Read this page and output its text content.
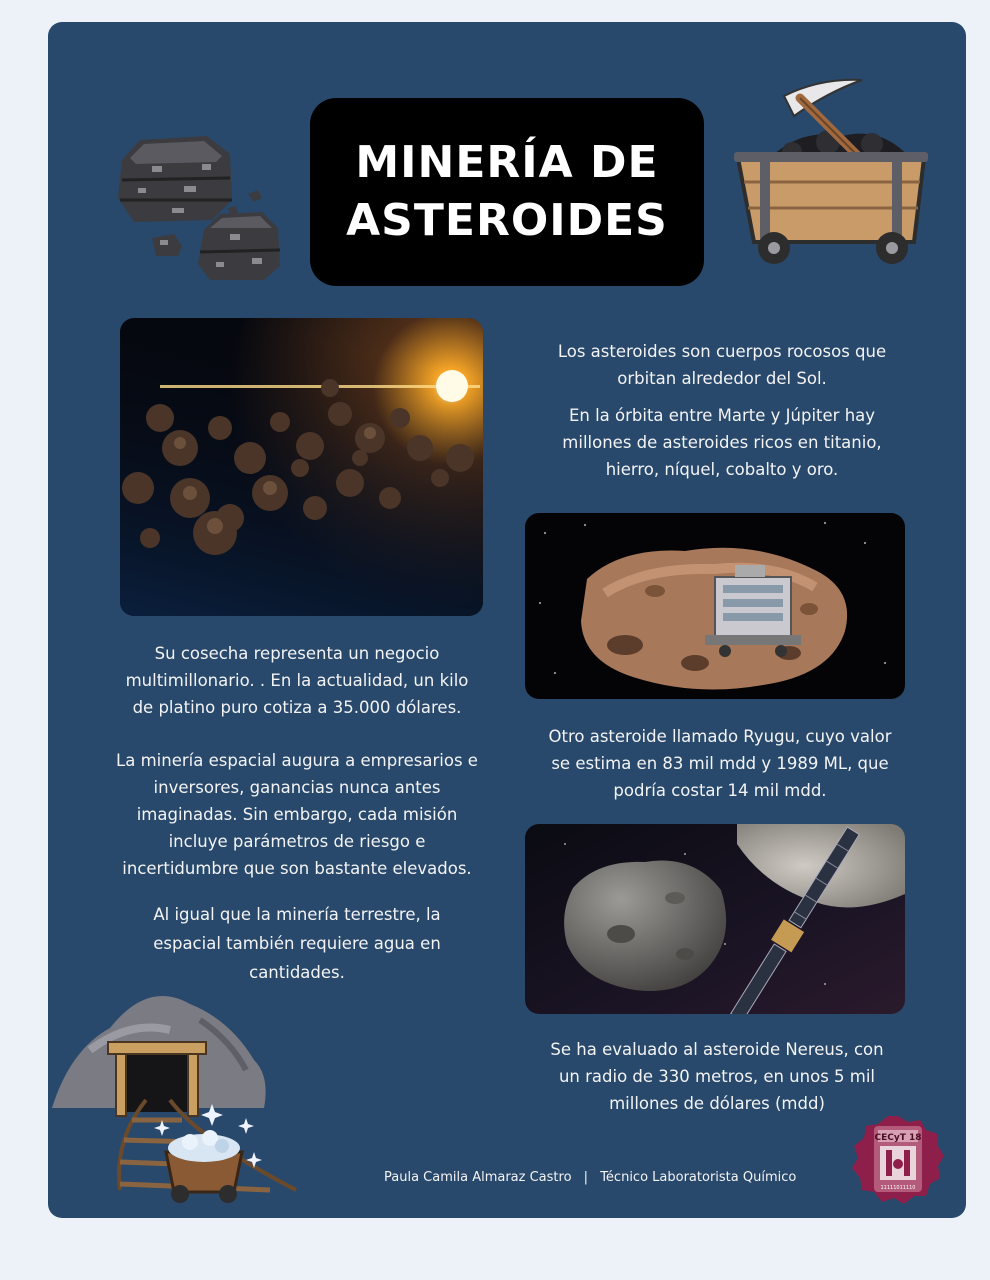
MINERÍA DE
ASTEROIDES

Los asteroides son cuerpos rocosos que orbitan alrededor del Sol.

En la órbita entre Marte y Júpiter hay millones de asteroides ricos en titanio, hierro, níquel, cobalto y oro.

Su cosecha representa un negocio multimillonario. . En la actualidad, un kilo de platino puro cotiza a 35.000 dólares.

La minería espacial augura a empresarios e inversores, ganancias nunca antes imaginadas. Sin embargo, cada misión incluye parámetros de riesgo e incertidumbre que son bastante elevados.

Al igual que la minería terrestre, la espacial también requiere agua en cantidades.

Otro asteroide llamado Ryugu, cuyo valor se estima en 83 mil mdd y 1989 ML, que podría costar 14 mil mdd.
Se ha evaluado al asteroide Nereus, con un radio de 330 metros, en unos 5 mil millones de dólares (mdd)
Paula Camila Almaraz Castro | Técnico Laboratorista Químico
CECyT 18
11111011110
